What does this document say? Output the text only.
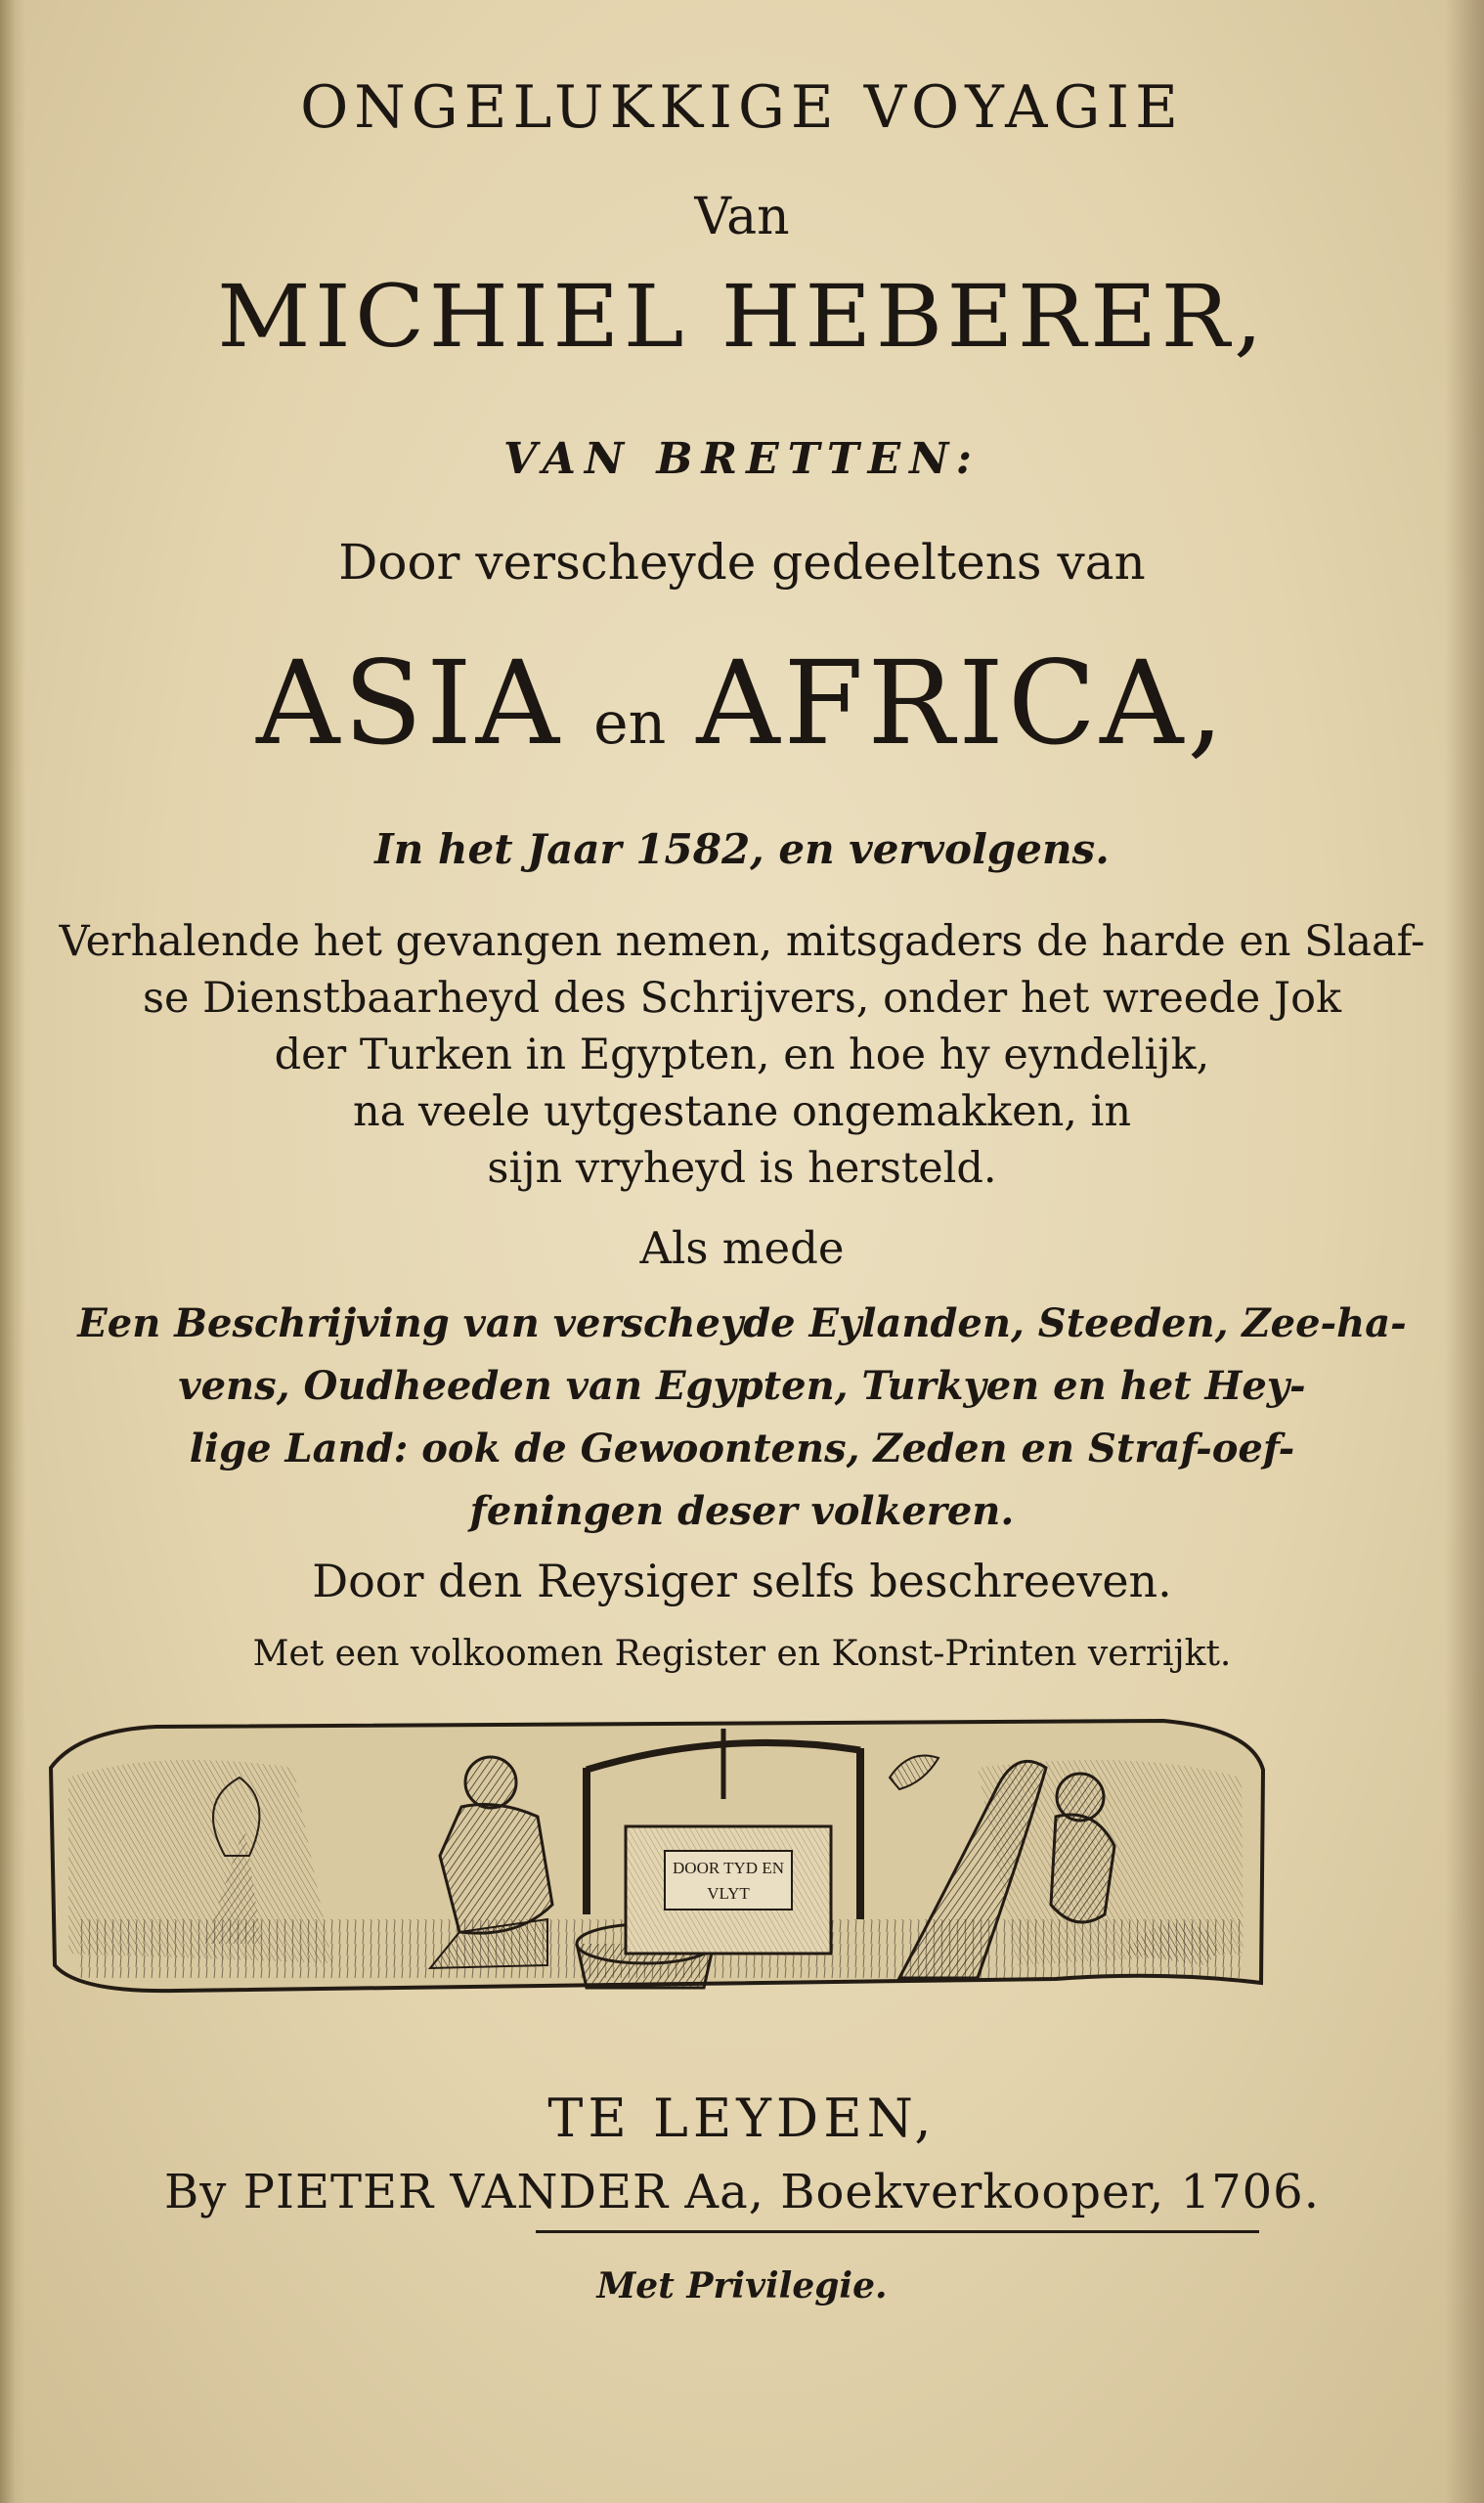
ONGELUKKIGE VOYAGIE
Van
MICHIEL HEBERER,
VAN BRETTEN:
Door verscheyde gedeeltens van
ASIA en AFRICA,
In het Jaar 1582, en vervolgens.
Verhalende het gevangen nemen, mitsgaders de harde en Slaaf-
se Dienstbaarheyd des Schrijvers, onder het wreede Jok
der Turken in Egypten, en hoe hy eyndelijk,
na veele uytgestane ongemakken, in
sijn vryheyd is hersteld.
Als mede
Een Beschrijving van verscheyde Eylanden, Steeden, Zee-ha-
vens, Oudheeden van Egypten, Turkyen en het Hey-
lige Land: ook de Gewoontens, Zeden en Straf-oef-
feningen deser volkeren.
Door den Reysiger selfs beschreeven.
Met een volkoomen Register en Konst-Printen verrijkt.
DOOR TYD EN
VLYT
TE LEYDEN,
By PIETER VANDER Aa, Boekverkooper, 1706.
Met Privilegie.
